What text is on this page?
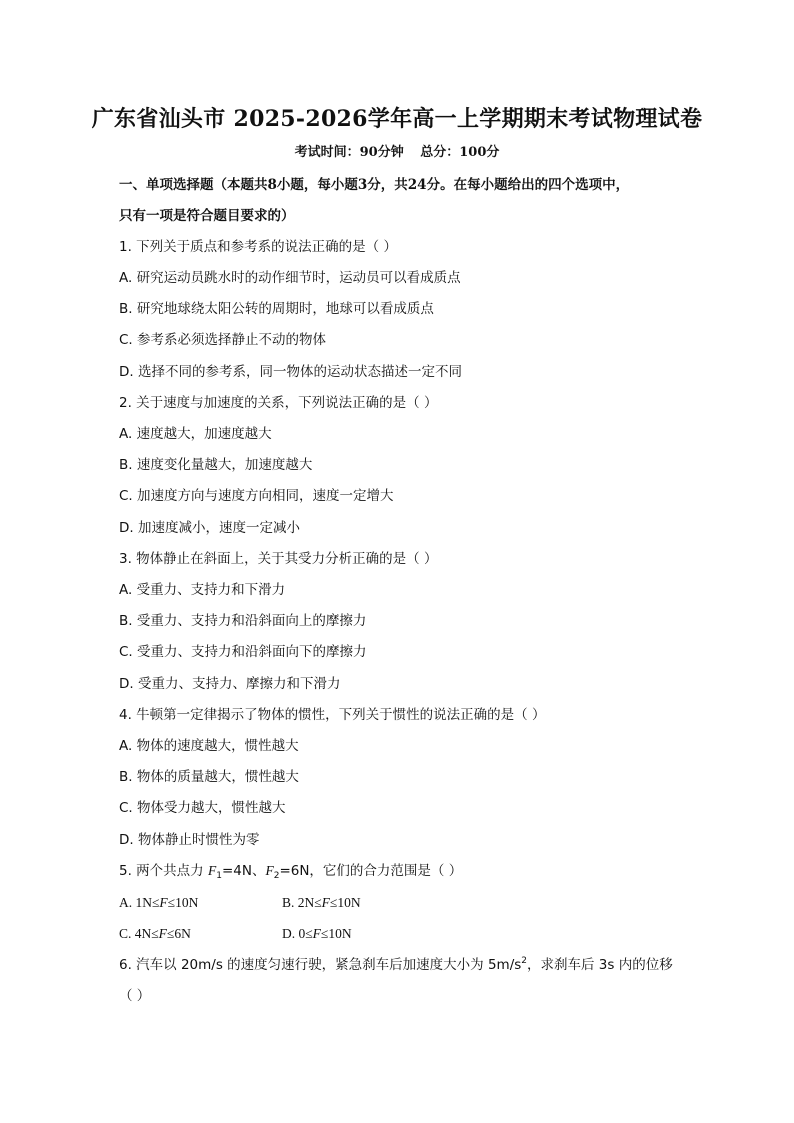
广东省汕头市 2025-2026学年高一上学期期末考试物理试卷
考试时间：90分钟 总分：100分
一、单项选择题（本题共8小题，每小题3分，共24分。在每小题给出的四个选项中，
只有一项是符合题目要求的）
1. 下列关于质点和参考系的说法正确的是（ ）
A. 研究运动员跳水时的动作细节时，运动员可以看成质点
B. 研究地球绕太阳公转的周期时，地球可以看成质点
C. 参考系必须选择静止不动的物体
D. 选择不同的参考系，同一物体的运动状态描述一定不同
2. 关于速度与加速度的关系，下列说法正确的是（ ）
A. 速度越大，加速度越大
B. 速度变化量越大，加速度越大
C. 加速度方向与速度方向相同，速度一定增大
D. 加速度减小，速度一定减小
3. 物体静止在斜面上，关于其受力分析正确的是（ ）
A. 受重力、支持力和下滑力
B. 受重力、支持力和沿斜面向上的摩擦力
C. 受重力、支持力和沿斜面向下的摩擦力
D. 受重力、支持力、摩擦力和下滑力
4. 牛顿第一定律揭示了物体的惯性，下列关于惯性的说法正确的是（ ）
A. 物体的速度越大，惯性越大
B. 物体的质量越大，惯性越大
C. 物体受力越大，惯性越大
D. 物体静止时惯性为零
5. 两个共点力 $F_1=4N$、$F_2=6N$，它们的合力范围是（ ）
A. 1N≤F≤10N	B. 2N≤F≤10N
C. 4N≤F≤6N	D. 0≤F≤10N
6. 汽车以 20m/s 的速度匀速行驶，紧急刹车后加速度大小为 $5m/s^2$，求刹车后 3s 内的位移
（ ）
